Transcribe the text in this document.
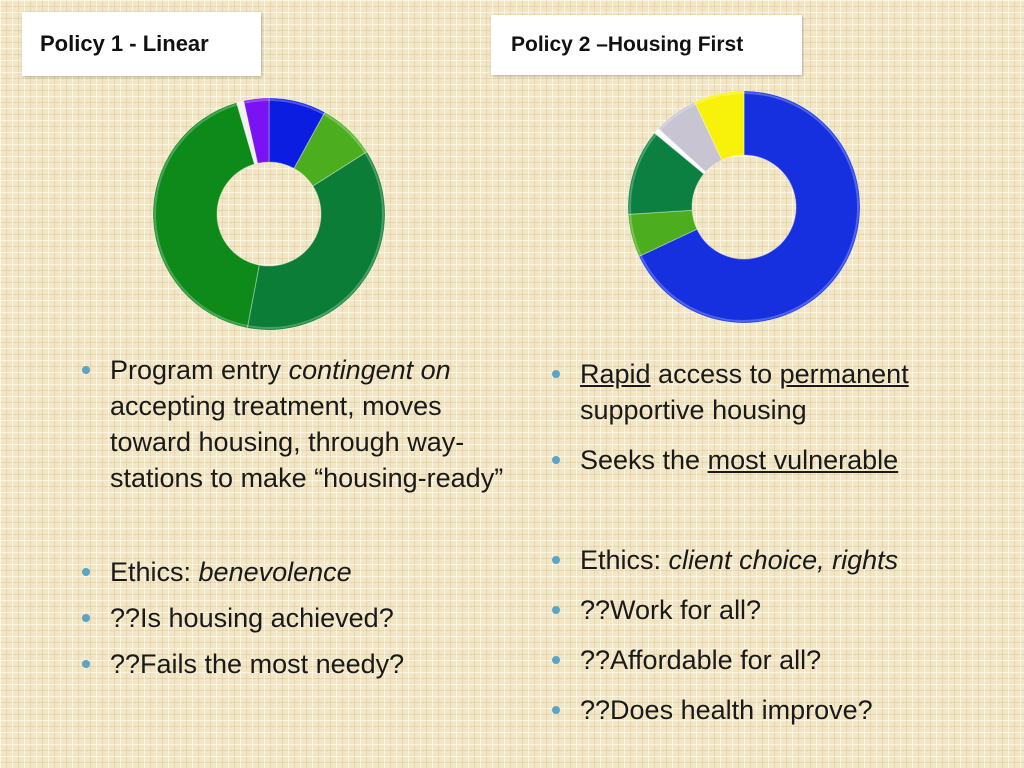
Policy 1 - Linear	Policy 2 –Housing First
Program entry contingent on accepting treatment, moves toward housing, through way-stations to make “housing-ready”
Ethics: benevolence
??Is housing achieved?
??Fails the most needy?
Rapid access to permanent supportive housing
Seeks the most vulnerable
Ethics: client choice, rights
??Work for all?
??Affordable for all?
??Does health improve?
